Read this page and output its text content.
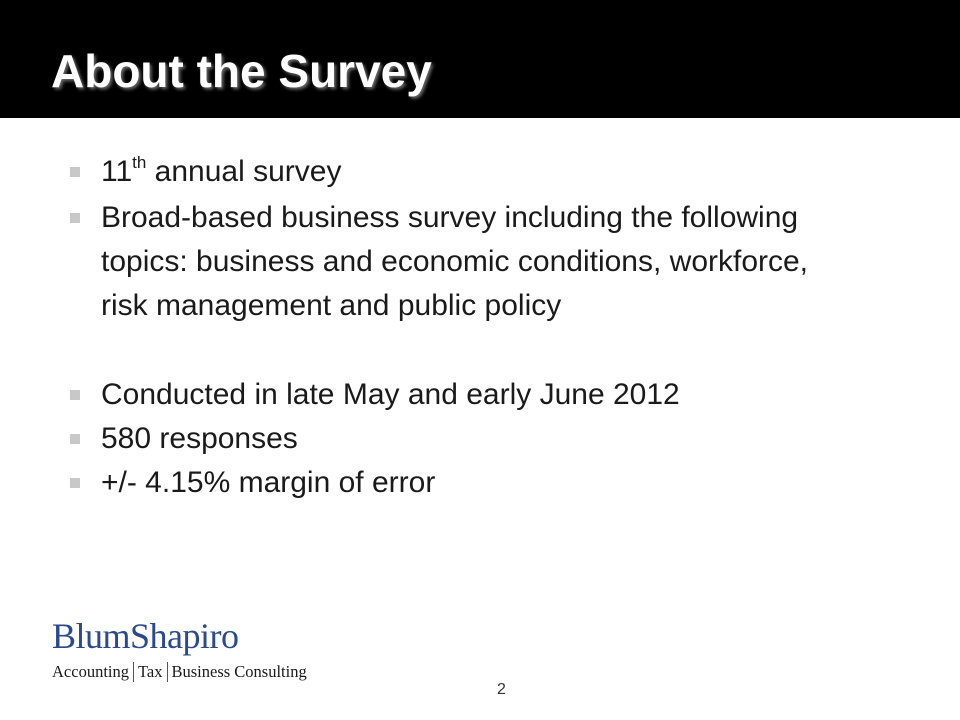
About the Survey
11th annual survey
Broad-based business survey including the following topics: business and economic conditions, workforce, risk management and public policy
Conducted in late May and early June 2012
580 responses
+/- 4.15% margin of error
BlumShapiro
Accounting Tax Business Consulting
2
